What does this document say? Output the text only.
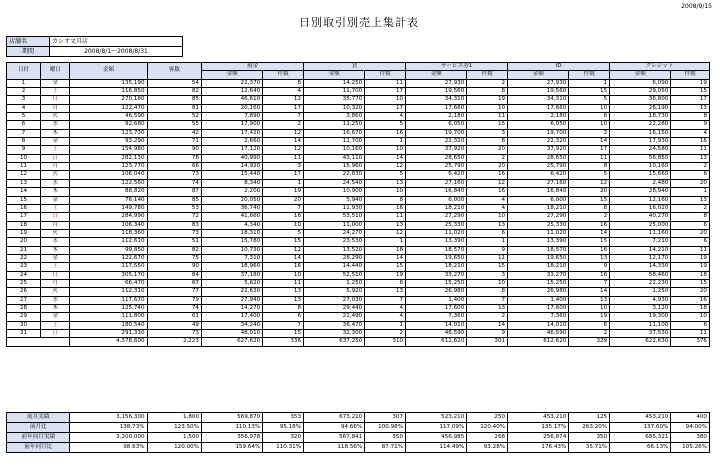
2008/9/15
日別取引別売上集計表
店舗名	カシオ文具店
期間	2008/8/1～2008/8/31
日付	曜日	金額	客数	現金		貸		サービス券1		iD		クレジット	
				金額	件数	金額	件数	金額	件数	金額	件数	金額	件数
1	金	135,190	54	22,370	8	14,250	11	27,930	2	27,930	1	6,090	19
2	土	116,850	82	12,640	4	11,700	17	19,560	8	19,560	15	29,050	15
3	日	270,180	85	46,610	12	35,770	10	34,310	19	34,310	5	36,800	17
4	月	122,470	81	20,160	17	10,320	17	17,660	10	17,660	10	26,190	13
5	火	46,590	52	7,890	7	3,860	4	2,180	11	2,180	6	18,730	8
6	水	92,680	55	17,900	2	11,250	5	6,050	15	6,050	10	22,280	9
7	木	123,730	42	17,420	12	16,670	16	19,700	3	19,700	3	16,150	4
8	金	93,290	71	2,660	14	12,700	1	22,320	8	22,320	14	17,930	16
9	土	154,980	90	17,120	12	10,160	10	37,920	20	37,920	17	24,580	11
10	日	282,130	78	40,990	11	43,110	14	28,650	2	28,650	11	56,850	13
11	月	123,770	66	14,920	3	15,960	12	25,790	20	25,790	8	10,160	2
12	火	106,040	73	15,440	17	22,830	5	6,420	16	6,420	5	15,660	6
13	水	122,560	74	8,340	1	24,540	13	27,160	12	27,160	12	2,480	20
14	木	88,820	87	2,200	19	10,900	10	16,840	16	16,840	20	28,940	1
15	金	76,140	85	20,050	20	5,940	8	6,000	4	6,000	15	12,160	13
16	土	149,780	53	36,740	7	11,930	16	18,210	4	18,210	8	16,020	2
17	日	284,990	72	41,660	16	53,510	11	27,290	10	27,290	2	40,270	8
18	月	106,340	83	4,340	10	11,000	13	25,330	13	25,330	16	25,000	6
19	火	118,360	73	18,310	5	24,270	12	11,020	6	11,020	14	11,160	20
20	水	112,610	51	15,780	15	23,530	1	13,390	1	13,390	15	7,210	6
21	木	99,850	82	10,730	12	13,520	18	18,570	9	18,570	16	14,210	11
22	金	122,670	75	7,310	14	28,290	14	19,650	11	19,650	13	12,170	19
23	土	117,550	90	18,960	16	14,440	15	18,210	15	18,210	9	14,330	19
24	日	305,170	84	37,180	10	52,510	19	33,270	3	33,270	16	58,460	18
25	月	66,470	67	5,620	11	1,250	8	15,250	10	15,250	7	22,230	15
26	火	112,310	77	22,630	13	5,920	13	26,980	8	26,980	14	1,250	20
27	水	117,670	79	27,940	13	27,030	7	1,400	7	1,400	13	4,930	16
28	木	125,740	74	14,270	8	29,440	4	17,600	13	17,600	10	3,120	18
29	金	111,800	61	17,400	6	21,490	4	7,360	2	7,360	19	19,300	10
30	土	180,540	49	34,240	7	36,470	1	14,010	14	14,010	6	11,100	6
31	日	291,330	73	48,010	15	32,300	2	46,590	9	46,590	2	37,530	11
		4,378,600	2,223	627,620	336	637,250	310	612,620	301	612,620	329	622,630	376
前月実績	3,156,300	1,800	569,870	353	673,210	307	523,210	250	453,210	125	453,210	400
前月比	138.73%	123.50%	110.13%	95.18%	94.66%	100.98%	117.09%	120.40%	135.17%	263.20%	137.60%	94.00%
前年同月実績	3,200,000	1,500	356,978	320	567,841	350	456,985	268	256,874	350	685,321	380
前年同月比	98.63%	120.00%	159.64%	110.31%	118.56%	87.71%	114.49%	93.28%	176.43%	35.71%	66.13%	105.26%
